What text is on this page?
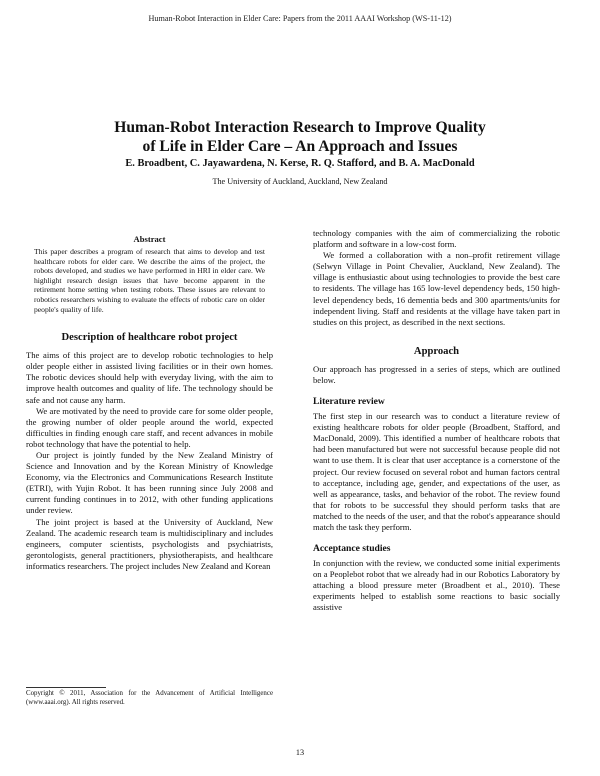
Human-Robot Interaction in Elder Care: Papers from the 2011 AAAI Workshop (WS-11-12)
Human-Robot Interaction Research to Improve Quality
of Life in Elder Care – An Approach and Issues
E. Broadbent, C. Jayawardena, N. Kerse, R. Q. Stafford, and B. A. MacDonald
The University of Auckland, Auckland, New Zealand
Abstract
This paper describes a program of research that aims to develop and test healthcare robots for elder care. We describe the aims of the project, the robots developed, and studies we have performed in HRI in elder care. We highlight research design issues that have become apparent in the retirement home setting when testing robots. These issues are relevant to robotics researchers wishing to evaluate the effects of robotic care on older people's quality of life.
Description of healthcare robot project

The aims of this project are to develop robotic technologies to help older people either in assisted living facilities or in their own homes. The robotic devices should help with everyday living, with the aim to improve health outcomes and quality of life. The technology should be safe and not cause any harm.

We are motivated by the need to provide care for some older people, the growing number of older people around the world, expected difficulties in finding enough care staff, and recent advances in mobile robot technology that have the potential to help.

Our project is jointly funded by the New Zealand Ministry of Science and Innovation and by the Korean Ministry of Knowledge Economy, via the Electronics and Communications Research Institute (ETRI), with Yujin Robot. It has been running since July 2008 and current funding continues in to 2012, with other funding applications under review.

The joint project is based at the University of Auckland, New Zealand. The academic research team is multidisciplinary and includes engineers, computer scientists, psychologists and psychiatrists, gerontologists, general practitioners, physiotherapists, and healthcare informatics researchers. The project includes New Zealand and Korean

Copyright © 2011, Association for the Advancement of Artificial Intelligence (www.aaai.org). All rights reserved.

technology companies with the aim of commercializing the robotic platform and software in a low-cost form.

We formed a collaboration with a non–profit retirement village (Selwyn Village in Point Chevalier, Auckland, New Zealand). The village is enthusiastic about using technologies to provide the best care to residents. The village has 165 low-level dependency beds, 150 high-level dependency beds, 16 dementia beds and 300 apartments/units for independent living. Staff and residents at the village have taken part in studies on this project, as described in the next sections.

Approach

Our approach has progressed in a series of steps, which are outlined below.

Literature review

The first step in our research was to conduct a literature review of existing healthcare robots for older people (Broadbent, Stafford, and MacDonald, 2009). This identified a number of healthcare robots that had been manufactured but were not successful because people did not want to use them. It is clear that user acceptance is a cornerstone of the project. Our review focused on several robot and human factors central to acceptance, including age, gender, and expectations of the user, as well as appearance, tasks, and behavior of the robot. The review found that for robots to be successful they should perform tasks that are matched to the needs of the user, and that the robot's appearance should match the task they perform.

Acceptance studies

In conjunction with the review, we conducted some initial experiments on a Peoplebot robot that we already had in our Robotics Laboratory by attaching a blood pressure meter (Broadbent et al., 2010). These experiments helped to establish some reactions to basic socially assistive

13
